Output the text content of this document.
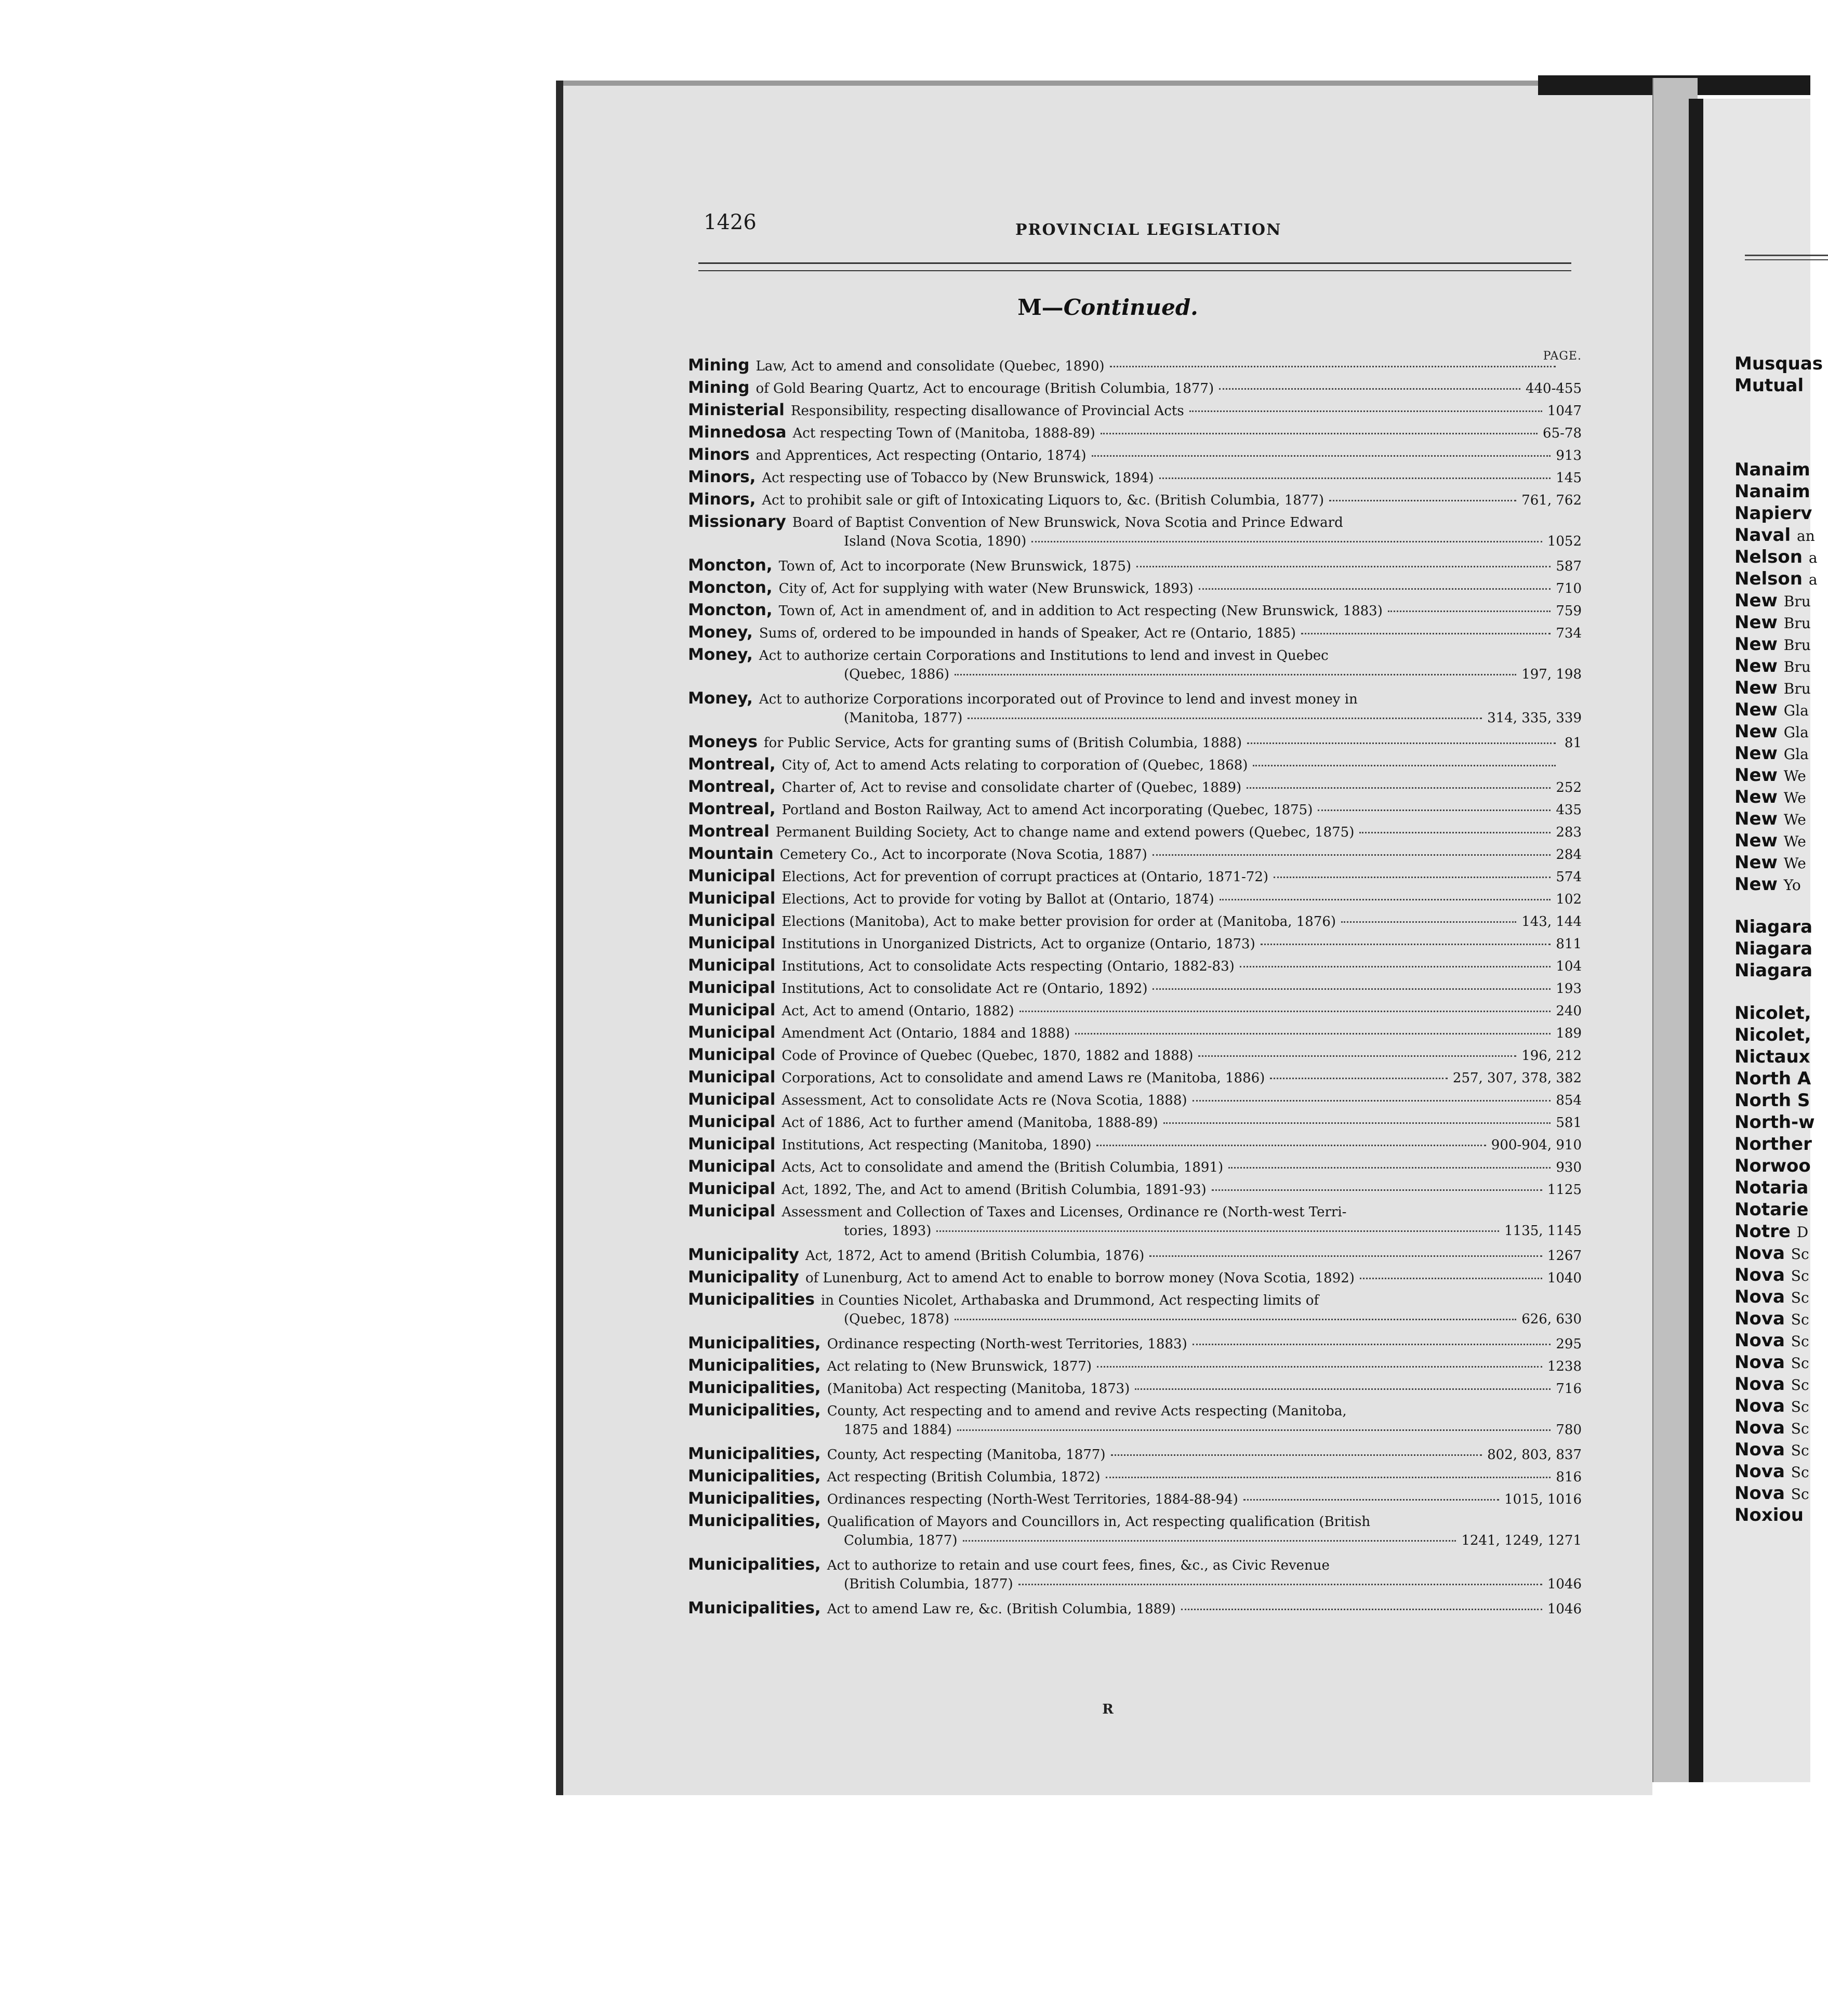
1426	PROVINCIAL LEGISLATION
M—Continued.
PAGE.
Mining Law, Act to amend and consolidate (Quebec, 1890)
Mining of Gold Bearing Quartz, Act to encourage (British Columbia, 1877)	440-455
Ministerial Responsibility, respecting disallowance of Provincial Acts	1047
Minnedosa Act respecting Town of (Manitoba, 1888-89)	65-78
Minors and Apprentices, Act respecting (Ontario, 1874)	913
Minors, Act respecting use of Tobacco by (New Brunswick, 1894)	145
Minors, Act to prohibit sale or gift of Intoxicating Liquors to, &c. (British Columbia, 1877)	761, 762
Missionary Board of Baptist Convention of New Brunswick, Nova Scotia and Prince Edward
Island (Nova Scotia, 1890)	1052
Moncton, Town of, Act to incorporate (New Brunswick, 1875)	587
Moncton, City of, Act for supplying with water (New Brunswick, 1893)	710
Moncton, Town of, Act in amendment of, and in addition to Act respecting (New Brunswick, 1883)	759
Money, Sums of, ordered to be impounded in hands of Speaker, Act re (Ontario, 1885)	734
Money, Act to authorize certain Corporations and Institutions to lend and invest in Quebec
(Quebec, 1886)	197, 198
Money, Act to authorize Corporations incorporated out of Province to lend and invest money in
(Manitoba, 1877)	314, 335, 339
Moneys for Public Service, Acts for granting sums of (British Columbia, 1888)	81
Montreal, City of, Act to amend Acts relating to corporation of (Quebec, 1868)
Montreal, Charter of, Act to revise and consolidate charter of (Quebec, 1889)	252
Montreal, Portland and Boston Railway, Act to amend Act incorporating (Quebec, 1875)	435
Montreal Permanent Building Society, Act to change name and extend powers (Quebec, 1875)	283
Mountain Cemetery Co., Act to incorporate (Nova Scotia, 1887)	284
Municipal Elections, Act for prevention of corrupt practices at (Ontario, 1871-72)	574
Municipal Elections, Act to provide for voting by Ballot at (Ontario, 1874)	102
Municipal Elections (Manitoba), Act to make better provision for order at (Manitoba, 1876)	143, 144
Municipal Institutions in Unorganized Districts, Act to organize (Ontario, 1873)	811
Municipal Institutions, Act to consolidate Acts respecting (Ontario, 1882-83)	104
Municipal Institutions, Act to consolidate Act re (Ontario, 1892)	193
Municipal Act, Act to amend (Ontario, 1882)	240
Municipal Amendment Act (Ontario, 1884 and 1888)	189
Municipal Code of Province of Quebec (Quebec, 1870, 1882 and 1888)	196, 212
Municipal Corporations, Act to consolidate and amend Laws re (Manitoba, 1886)	257, 307, 378, 382
Municipal Assessment, Act to consolidate Acts re (Nova Scotia, 1888)	854
Municipal Act of 1886, Act to further amend (Manitoba, 1888-89)	581
Municipal Institutions, Act respecting (Manitoba, 1890)	900-904, 910
Municipal Acts, Act to consolidate and amend the (British Columbia, 1891)	930
Municipal Act, 1892, The, and Act to amend (British Columbia, 1891-93)	1125
Municipal Assessment and Collection of Taxes and Licenses, Ordinance re (North-west Terri-
tories, 1893)	1135, 1145
Municipality Act, 1872, Act to amend (British Columbia, 1876)	1267
Municipality of Lunenburg, Act to amend Act to enable to borrow money (Nova Scotia, 1892)	1040
Municipalities in Counties Nicolet, Arthabaska and Drummond, Act respecting limits of
(Quebec, 1878)	626, 630
Municipalities, Ordinance respecting (North-west Territories, 1883)	295
Municipalities, Act relating to (New Brunswick, 1877)	1238
Municipalities, (Manitoba) Act respecting (Manitoba, 1873)	716
Municipalities, County, Act respecting and to amend and revive Acts respecting (Manitoba,
1875 and 1884)	780
Municipalities, County, Act respecting (Manitoba, 1877)	802, 803, 837
Municipalities, Act respecting (British Columbia, 1872)	816
Municipalities, Ordinances respecting (North-West Territories, 1884-88-94)	1015, 1016
Municipalities, Qualification of Mayors and Councillors in, Act respecting qualification (British
Columbia, 1877)	1241, 1249, 1271
Municipalities, Act to authorize to retain and use court fees, fines, &c., as Civic Revenue
(British Columbia, 1877)	1046
Municipalities, Act to amend Law re, &c. (British Columbia, 1889)	1046
R
Musquas
Mutual
Nanaim
Nanaim
Napierv
Naval an
Nelson a
Nelson a
New Bru
New Bru
New Bru
New Bru
New Bru
New Gla
New Gla
New Gla
New We
New We
New We
New We
New We
New Yo
Niagara
Niagara
Niagara
Nicolet,
Nicolet,
Nictaux
North A
North S
North-w
Norther
Norwoo
Notaria
Notarie
Notre D
Nova Sc
Nova Sc
Nova Sc
Nova Sc
Nova Sc
Nova Sc
Nova Sc
Nova Sc
Nova Sc
Nova Sc
Nova Sc
Nova Sc
Noxiou
